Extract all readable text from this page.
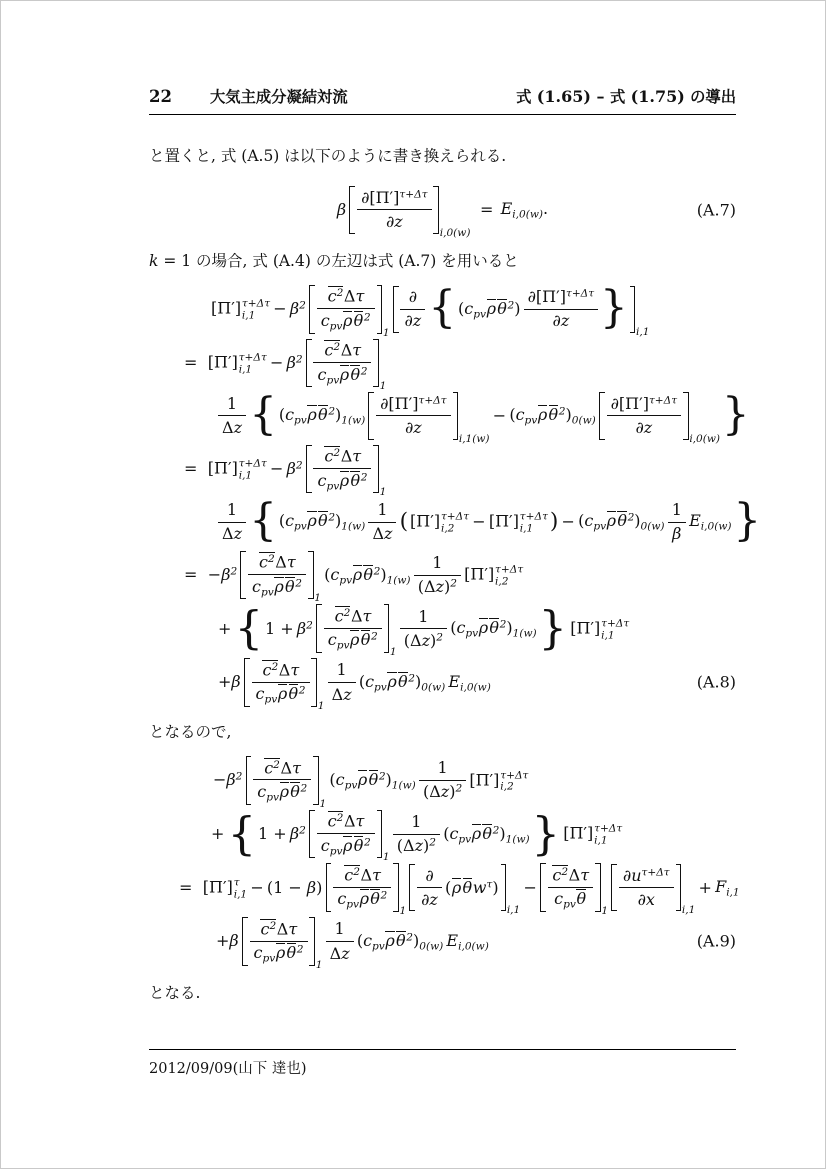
22 大気主成分凝結対流	式 (1.65) – 式 (1.75) の導出

と置くと, 式 (A.5) は以下のように書き換えられる.

β $\frac{\partial[\Pi']^{\tau+\Delta\tau}}{\partial z} i,0(w)$
= $E_{i,0(w)}$.	(A.7)

k = 1 の場合, 式 (A.4) の左辺は式 (A.7) を用いると

[Π′] τ+Δτ
$i,1 - \beta^2 \frac{c^2\Delta\tau}{c_{pv}\rho\theta^2} 1 \frac{\partial}{\partial z}$ { $(c_{pv}\rho\theta^2) \frac{\partial[\Pi']^{\tau+\Delta\tau}}{\partial z}$ } i,1
= [Π′] τ+Δτ
$i,1 - \beta^2 \frac{c^2\Delta\tau}{c_{pv}\rho\theta^2} 1$
$\frac{1}{\Delta z}$ { $(c_{pv}\rho\theta^2)_{1(w)} \frac{\partial[\Pi']^{\tau+\Delta\tau}}{\partial z} i,1(w)$
− $(c_{pv}\rho\theta^2)_{0(w)} \frac{\partial[\Pi']^{\tau+\Delta\tau}}{\partial z} i,0(w)$ }
= [Π′] τ+Δτ
$i,1 - \beta^2 \frac{c^2\Delta\tau}{c_{pv}\rho\theta^2} 1$
$\frac{1}{\Delta z}$ { $(c_{pv}\rho\theta^2)_{1(w)} \frac{1}{\Delta z}$ ( [Π′] τ+Δτ
i,2 − [Π′] τ+Δτ
i,1 ) − $(c_{pv}\rho\theta^2)_{0(w)} \frac{1}{\beta} E_{i,0(w)}$ }
= $-\beta^2 \frac{c^2\Delta\tau}{c_{pv}\rho\theta^2} 1$
$(c_{pv}\rho\theta^2)_{1(w)} \frac{1}{(\Delta z)^2} [\Pi']$ τ+Δτ
i,2
+ { $1 + \beta^2 \frac{c^2\Delta\tau}{c_{pv}\rho\theta^2} 1 \frac{1}{(\Delta z)^2} (c_{pv}\rho\theta^2)_{1(w)}$ } [Π′] τ+Δτ
i,1
$+\beta \frac{c^2\Delta\tau}{c_{pv}\rho\theta^2} 1 \frac{1}{\Delta z} (c_{pv}\rho\theta^2)_{0(w)}$ $E_{i,0(w)}$	(A.8)

となるので,

$-\beta^2 \frac{c^2\Delta\tau}{c_{pv}\rho\theta^2} 1$
$(c_{pv}\rho\theta^2)_{1(w)} \frac{1}{(\Delta z)^2} [\Pi']$ τ+Δτ
i,2
+ { $1 + \beta^2 \frac{c^2\Delta\tau}{c_{pv}\rho\theta^2} 1 \frac{1}{(\Delta z)^2} (c_{pv}\rho\theta^2)_{1(w)}$ } [Π′] τ+Δτ
i,1
= [Π′] τ
$i,1 - (1 - \beta) \frac{c^2\Delta\tau}{c_{pv}\rho\theta^2} 1 \frac{\partial}{\partial z} (\rho\theta w^\tau)$
i,1
− $\frac{c^2\Delta\tau}{c_{pv}\theta} 1 \frac{\partial u^{\tau+\Delta\tau}}{\partial x} i,1$
+ $F_{i,1}$
$+\beta \frac{c^2\Delta\tau}{c_{pv}\rho\theta^2} 1 \frac{1}{\Delta z} (c_{pv}\rho\theta^2)_{0(w)}$ $E_{i,0(w)}$	(A.9)

となる.

2012/09/09(山下 達也)
